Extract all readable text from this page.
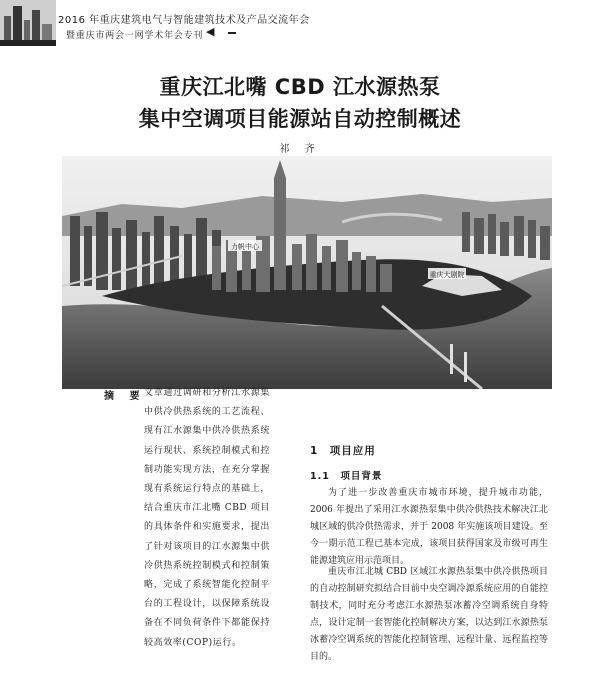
2016 年重庆建筑电气与智能建筑技术及产品交流年会
暨重庆市两会一网学术年会专刊 ◀
重庆江北嘴 CBD 江水源热泵
集中空调项目能源站自动控制概述
祁 齐
力帆中心
重庆大剧院
摘 要
文章通过调研和分析江水源集中供冷供热系统的工艺流程、现有江水源集中供冷供热系统运行现状、系统控制模式和控制功能实现方法，在充分掌握现有系统运行特点的基础上，结合重庆市江北嘴 CBD 项目的具体条件和实施要求，提出了针对该项目的江水源集中供冷供热系统控制模式和控制策略，完成了系统智能化控制平台的工程设计，以保障系统设备在不同负荷条件下都能保持较高效率(COP)运行。
1　项目应用
1.1　项目背景
为了进一步改善重庆市城市环境，提升城市功能，2006 年提出了采用江水源热泵集中供冷供热技术解决江北城区域的供冷供热需求，并于 2008 年实施该项目建设。至今一期示范工程已基本完成，该项目获得国家及市级可再生能源建筑应用示范项目。
重庆市江北城 CBD 区域江水源热泵集中供冷供热项目的自动控制研究拟结合目前中央空调冷源系统应用的自能控制技术，同时充分考虑江水源热泵冰蓄冷空调系统自身特点，设计定制一套智能化控制解决方案，以达到江水源热泵冰蓄冷空调系统的智能化控制管理、远程计量、远程监控等目的。
